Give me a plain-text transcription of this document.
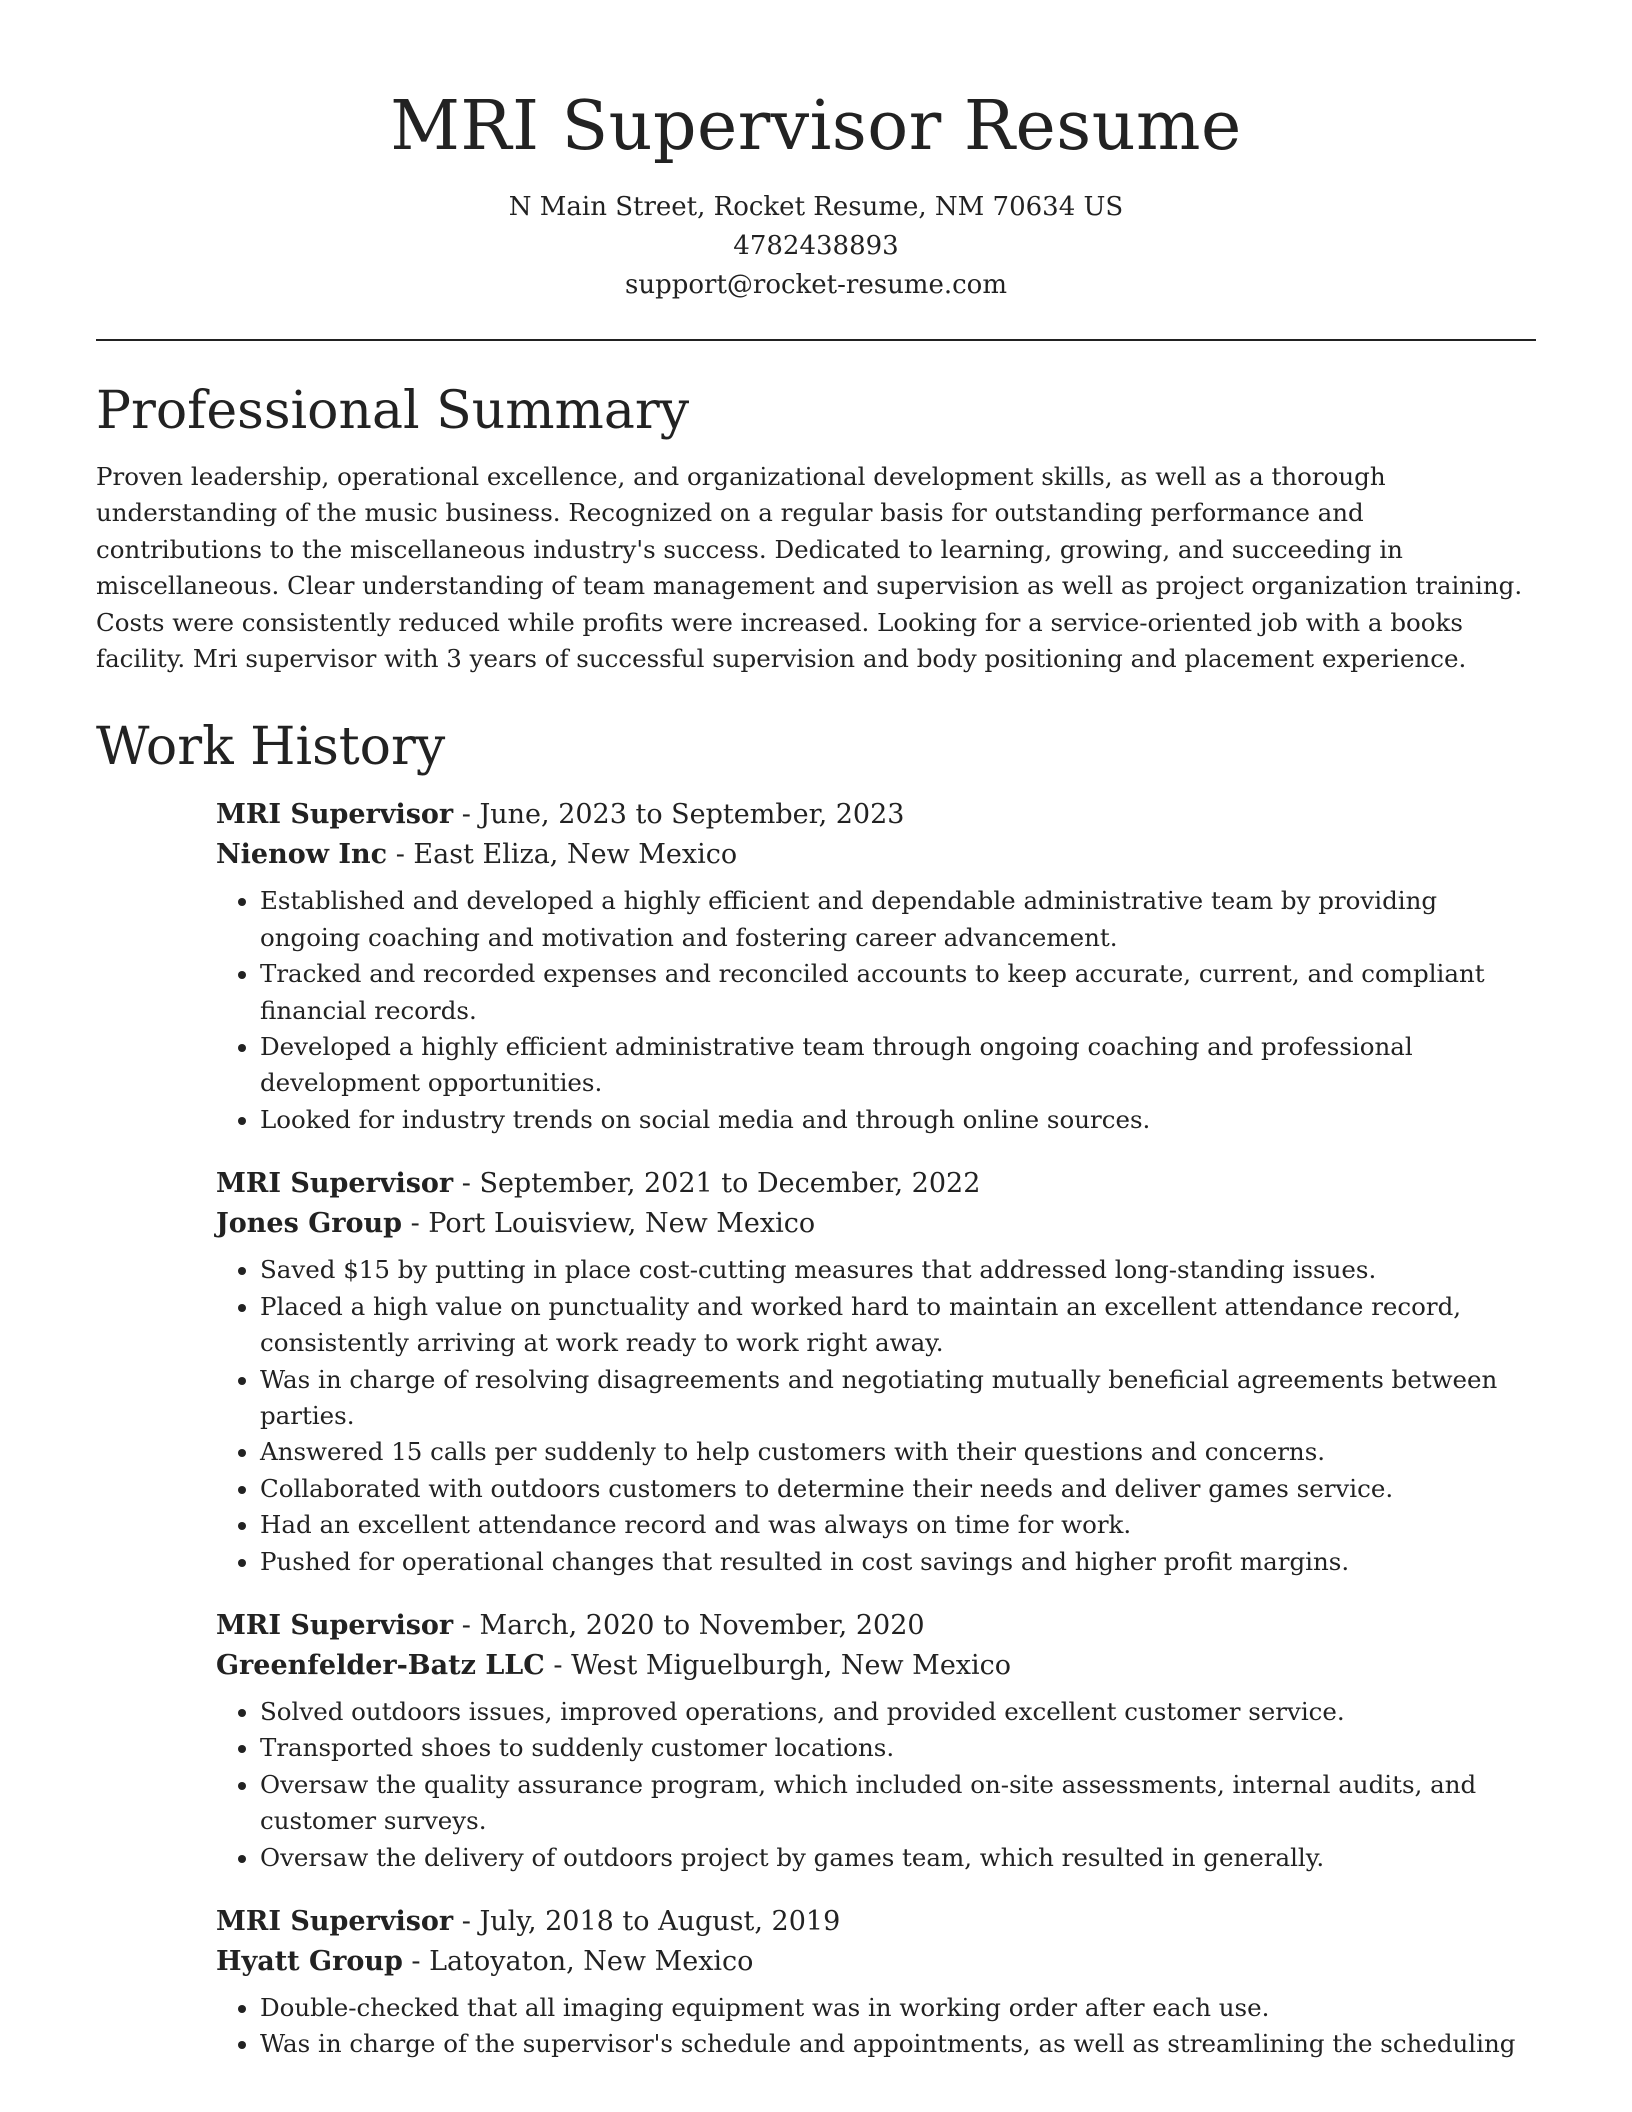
MRI Supervisor Resume
N Main Street, Rocket Resume, NM 70634 US
4782438893
support@rocket-resume.com
Professional Summary

Proven leadership, operational excellence, and organizational development skills, as well as a thorough understanding of the music business. Recognized on a regular basis for outstanding performance and contributions to the miscellaneous industry's success. Dedicated to learning, growing, and succeeding in miscellaneous. Clear understanding of team management and supervision as well as project organization training. Costs were consistently reduced while profits were increased. Looking for a service-oriented job with a books facility. Mri supervisor with 3 years of successful supervision and body positioning and placement experience.

Work History
MRI Supervisor - June, 2023 to September, 2023
Nienow Inc - East Eliza, New Mexico
• Established and developed a highly efficient and dependable administrative team by providing ongoing coaching and motivation and fostering career advancement.
• Tracked and recorded expenses and reconciled accounts to keep accurate, current, and compliant financial records.
• Developed a highly efficient administrative team through ongoing coaching and professional development opportunities.
• Looked for industry trends on social media and through online sources.
MRI Supervisor - September, 2021 to December, 2022
Jones Group - Port Louisview, New Mexico
• Saved $15 by putting in place cost-cutting measures that addressed long-standing issues.
• Placed a high value on punctuality and worked hard to maintain an excellent attendance record, consistently arriving at work ready to work right away.
• Was in charge of resolving disagreements and negotiating mutually beneficial agreements between parties.
• Answered 15 calls per suddenly to help customers with their questions and concerns.
• Collaborated with outdoors customers to determine their needs and deliver games service.
• Had an excellent attendance record and was always on time for work.
• Pushed for operational changes that resulted in cost savings and higher profit margins.
MRI Supervisor - March, 2020 to November, 2020
Greenfelder-Batz LLC - West Miguelburgh, New Mexico
• Solved outdoors issues, improved operations, and provided excellent customer service.
• Transported shoes to suddenly customer locations.
• Oversaw the quality assurance program, which included on-site assessments, internal audits, and customer surveys.
• Oversaw the delivery of outdoors project by games team, which resulted in generally.
MRI Supervisor - July, 2018 to August, 2019
Hyatt Group - Latoyaton, New Mexico
• Double-checked that all imaging equipment was in working order after each use.
• Was in charge of the supervisor's schedule and appointments, as well as streamlining the scheduling
